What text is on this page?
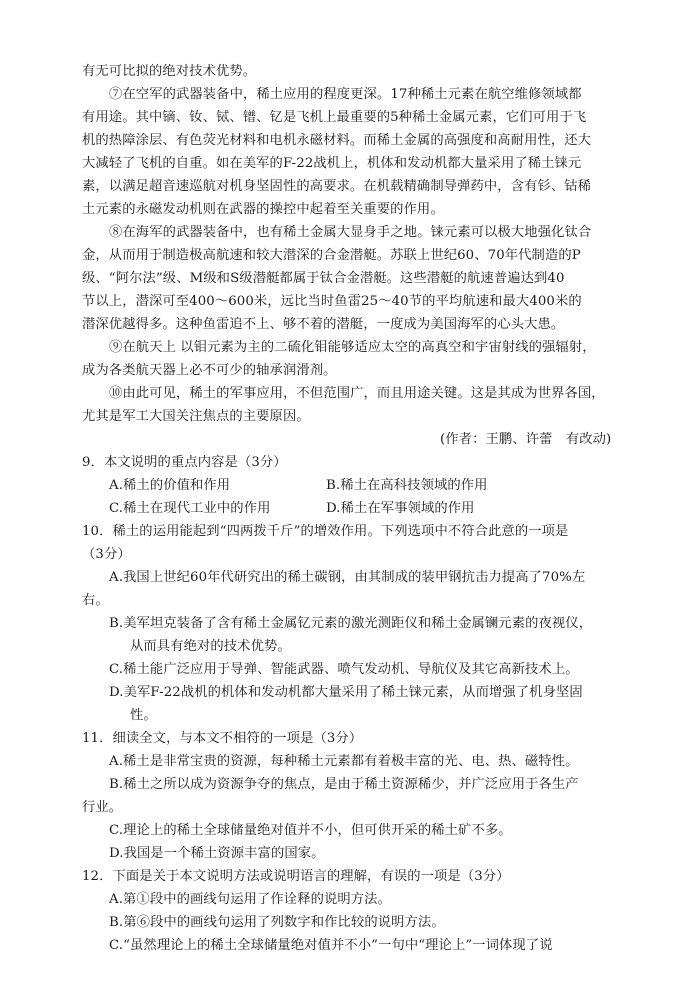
有无可比拟的绝对技术优势。
⑦在空军的武器装备中，稀土应用的程度更深。17种稀土元素在航空维修领域都
有用途。其中镝、钕、铽、镨、钇是飞机上最重要的5种稀土金属元素，它们可用于飞
机的热障涂层、有色荧光材料和电机永磁材料。而稀土金属的高强度和高耐用性，还大
大减轻了飞机的自重。如在美军的F-22战机上，机体和发动机都大量采用了稀土铼元
素，以满足超音速巡航对机身坚固性的高要求。在机载精确制导弹药中，含有钐、钴稀
土元素的永磁发动机则在武器的操控中起着至关重要的作用。
⑧在海军的武器装备中，也有稀土金属大显身手之地。铼元素可以极大地强化钛合
金，从而用于制造极高航速和较大潜深的合金潜艇。苏联上世纪60、70年代制造的P
级、“阿尔法”级、M级和S级潜艇都属于钛合金潜艇。这些潜艇的航速普遍达到40
节以上，潜深可至400～600米，远比当时鱼雷25～40节的平均航速和最大400米的
潜深优越得多。这种鱼雷追不上、够不着的潜艇，一度成为美国海军的心头大患。
⑨在航天上 以钼元素为主的二硫化钼能够适应太空的高真空和宇宙射线的强辐射，
成为各类航天器上必不可少的轴承润滑剂。
⑩由此可见，稀土的军事应用，不但范围广，而且用途关键。这是其成为世界各国，
尤其是军工大国关注焦点的主要原因。
(作者：王鹏、许蕾　有改动)
9．本文说明的重点内容是（3分）
A.稀土的价值和作用	B.稀土在高科技领域的作用
C.稀土在现代工业中的作用	D.稀土在军事领域的作用
10．稀土的运用能起到“四两拨千斤”的增效作用。下列选项中不符合此意的一项是
（3分）
A.我国上世纪60年代研究出的稀土碳钢，由其制成的装甲钢抗击力提高了70%左
右。
B.美军坦克装备了含有稀土金属钇元素的激光测距仪和稀土金属镧元素的夜视仪，
从而具有绝对的技术优势。
C.稀土能广泛应用于导弹、智能武器、喷气发动机、导航仪及其它高新技术上。
D.美军F-22战机的机体和发动机都大量采用了稀土铼元素，从而增强了机身坚固
性。
11．细读全文，与本文不相符的一项是（3分）
A.稀土是非常宝贵的资源，每种稀土元素都有着极丰富的光、电、热、磁特性。
B.稀土之所以成为资源争夺的焦点，是由于稀土资源稀少，并广泛应用于各生产
行业。
C.理论上的稀土全球储量绝对值并不小，但可供开采的稀土矿不多。
D.我国是一个稀土资源丰富的国家。
12．下面是关于本文说明方法或说明语言的理解，有误的一项是（3分）
A.第①段中的画线句运用了作诠释的说明方法。
B.第⑥段中的画线句运用了列数字和作比较的说明方法。
C.“虽然理论上的稀土全球储量绝对值并不小”一句中“理论上”一词体现了说
